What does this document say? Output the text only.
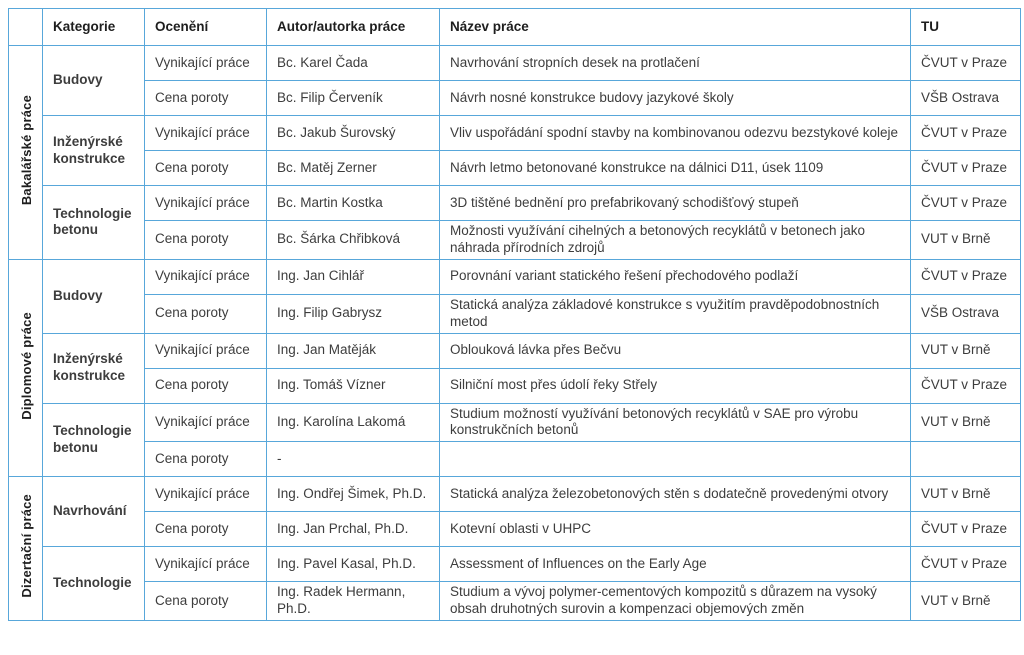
	Kategorie	Ocenění	Autor/autorka práce	Název práce	TU
Bakalářské práce	Budovy	Vynikající práce	Bc. Karel Čada	Navrhování stropních desek na protlačení	ČVUT v Praze
		Cena poroty	Bc. Filip Červeník	Návrh nosné konstrukce budovy jazykové školy	VŠB Ostrava
	Inženýrské konstrukce	Vynikající práce	Bc. Jakub Šurovský	Vliv uspořádání spodní stavby na kombinovanou odezvu bezstykové koleje	ČVUT v Praze
		Cena poroty	Bc. Matěj Zerner	Návrh letmo betonované konstrukce na dálnici D11, úsek 1109	ČVUT v Praze
	Technologie betonu	Vynikající práce	Bc. Martin Kostka	3D tištěné bednění pro prefabrikovaný schodišťový stupeň	ČVUT v Praze
		Cena poroty	Bc. Šárka Chřibková	Možnosti využívání cihelných a betonových recyklátů v betonech jako náhrada přírodních zdrojů	VUT v Brně
Diplomové práce	Budovy	Vynikající práce	Ing. Jan Cihlář	Porovnání variant statického řešení přechodového podlaží	ČVUT v Praze
		Cena poroty	Ing. Filip Gabrysz	Statická analýza základové konstrukce s využitím pravděpodobnostních metod	VŠB Ostrava
	Inženýrské konstrukce	Vynikající práce	Ing. Jan Matěják	Oblouková lávka přes Bečvu	VUT v Brně
		Cena poroty	Ing. Tomáš Vízner	Silniční most přes údolí řeky Střely	ČVUT v Praze
	Technologie betonu	Vynikající práce	Ing. Karolína Lakomá	Studium možností využívání betonových recyklátů v SAE pro výrobu konstrukčních betonů	VUT v Brně
		Cena poroty	-		
Dizertační práce	Navrhování	Vynikající práce	Ing. Ondřej Šimek, Ph.D.	Statická analýza železobetonových stěn s dodatečně provedenými otvory	VUT v Brně
		Cena poroty	Ing. Jan Prchal, Ph.D.	Kotevní oblasti v UHPC	ČVUT v Praze
	Technologie	Vynikající práce	Ing. Pavel Kasal, Ph.D.	Assessment of Influences on the Early Age	ČVUT v Praze
		Cena poroty	Ing. Radek Hermann, Ph.D.	Studium a vývoj polymer-cementových kompozitů s důrazem na vysoký obsah druhotných surovin a kompenzaci objemových změn	VUT v Brně
